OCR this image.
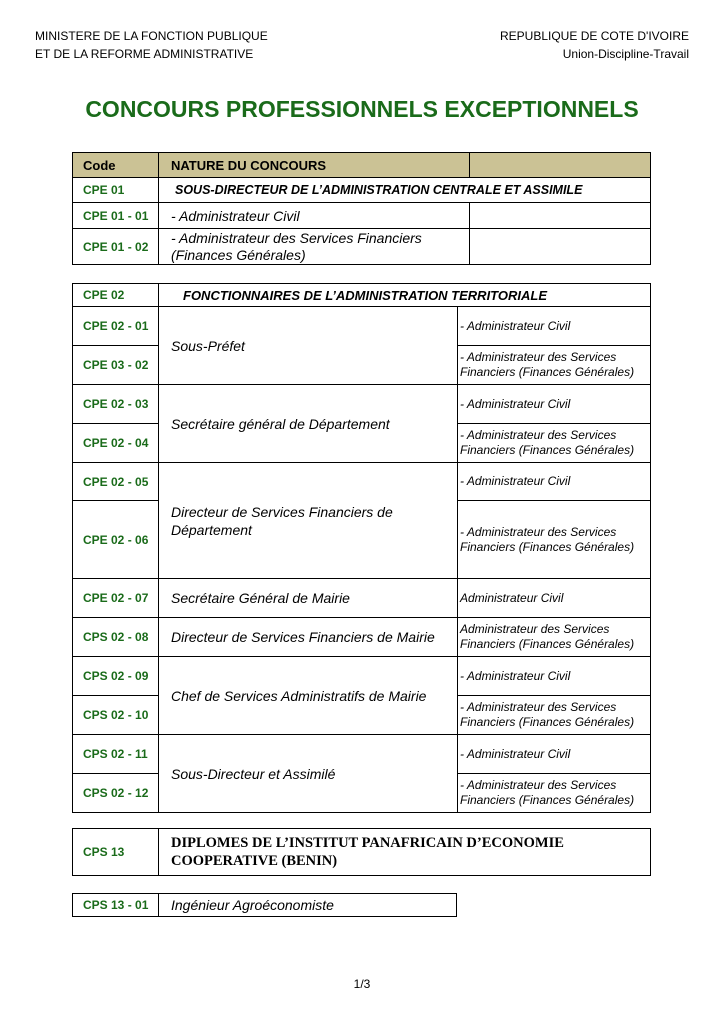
MINISTERE DE LA FONCTION PUBLIQUE
ET DE LA REFORME ADMINISTRATIVE
REPUBLIQUE DE COTE D'IVOIRE
Union-Discipline-Travail
CONCOURS PROFESSIONNELS EXCEPTIONNELS
Code	NATURE DU CONCOURS	
CPE 01	SOUS-DIRECTEUR DE L’ADMINISTRATION CENTRALE ET ASSIMILE	
CPE 01 - 01	- Administrateur Civil	
CPE 01 - 02	- Administrateur des Services Financiers (Finances Générales)	
CPE 02	FONCTIONNAIRES DE L’ADMINISTRATION TERRITORIALE	
CPE 02 - 01	Sous-Préfet	- Administrateur Civil
CPE 03 - 02		- Administrateur des Services Financiers (Finances Générales)
CPE 02 - 03	Secrétaire général de Département	- Administrateur Civil
CPE 02 - 04		- Administrateur des Services Financiers (Finances Générales)
CPE 02 - 05	Directeur de Services Financiers de Département	- Administrateur Civil
CPE 02 - 06		- Administrateur des Services Financiers (Finances Générales)
CPE 02 - 07	Secrétaire Général de Mairie	Administrateur Civil
CPS 02 - 08	Directeur de Services Financiers de Mairie	Administrateur des Services Financiers (Finances Générales)
CPS 02 - 09	Chef de Services Administratifs de Mairie	- Administrateur Civil
CPS 02 - 10		- Administrateur des Services Financiers (Finances Générales)
CPS 02 - 11	Sous-Directeur et Assimilé	- Administrateur Civil
CPS 02 - 12		- Administrateur des Services Financiers (Finances Générales)
CPS 13	DIPLOMES DE L’INSTITUT PANAFRICAIN D’ECONOMIE COOPERATIVE (BENIN)
CPS 13 - 01	Ingénieur Agroéconomiste
1/3
